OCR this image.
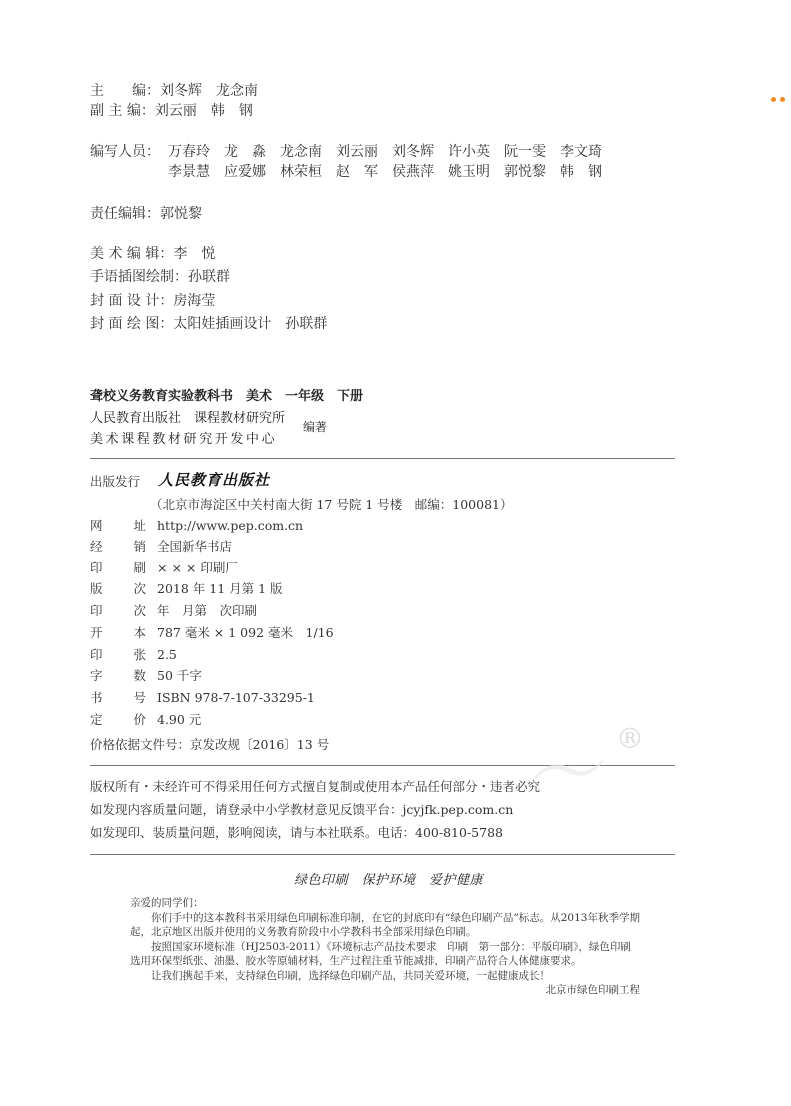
主　　编：刘冬辉　龙念南
副 主 编：刘云丽　韩　钢
编写人员： 万春玲　龙　淼　龙念南　刘云丽　刘冬辉　许小英　阮一雯　李文琦
李景慧　应爱娜　林荣桓　赵　军　侯燕萍　姚玉明　郭悦黎　韩　钢
责任编辑：郭悦黎
美 术 编 辑：李　悦
手语插图绘制：孙联群
封 面 设 计：房海莹
封 面 绘 图：太阳娃插画设计　孙联群
聋校义务教育实验教科书　美术　一年级　下册
人民教育出版社　课程教材研究所
美术课程教材研究开发中心
编著
出版发行 人民教育出版社
（北京市海淀区中关村南大街 17 号院 1 号楼　邮编：100081）
网　址 http://www.pep.com.cn
经　销 全国新华书店
印　刷 × × × 印刷厂
版　次 2018 年 11 月第 1 版
印　次 年　月第　次印刷
开　本 787 毫米 × 1 092 毫米　1/16
印　张 2.5
字　数 50 千字
书　号 ISBN 978-7-107-33295-1
定　价 4.90 元
价格依据文件号：京发改规〔2016〕13 号 〜 ®
版权所有・未经许可不得采用任何方式擅自复制或使用本产品任何部分・违者必究
如发现内容质量问题，请登录中小学教材意见反馈平台：jcyjfk.pep.com.cn
如发现印、装质量问题，影响阅读，请与本社联系。电话：400-810-5788
绿色印刷　保护环境　爱护健康

亲爱的同学们：

你们手中的这本教科书采用绿色印刷标准印制，在它的封底印有“绿色印刷产品”标志。从2013年秋季学期起，北京地区出版并使用的义务教育阶段中小学教科书全部采用绿色印刷。

按照国家环境标准（HJ2503-2011）《环境标志产品技术要求　印刷　第一部分：平版印刷》，绿色印刷选用环保型纸张、油墨、胶水等原辅材料，生产过程注重节能减排，印刷产品符合人体健康要求。

让我们携起手来，支持绿色印刷，选择绿色印刷产品，共同关爱环境，一起健康成长！

北京市绿色印刷工程
